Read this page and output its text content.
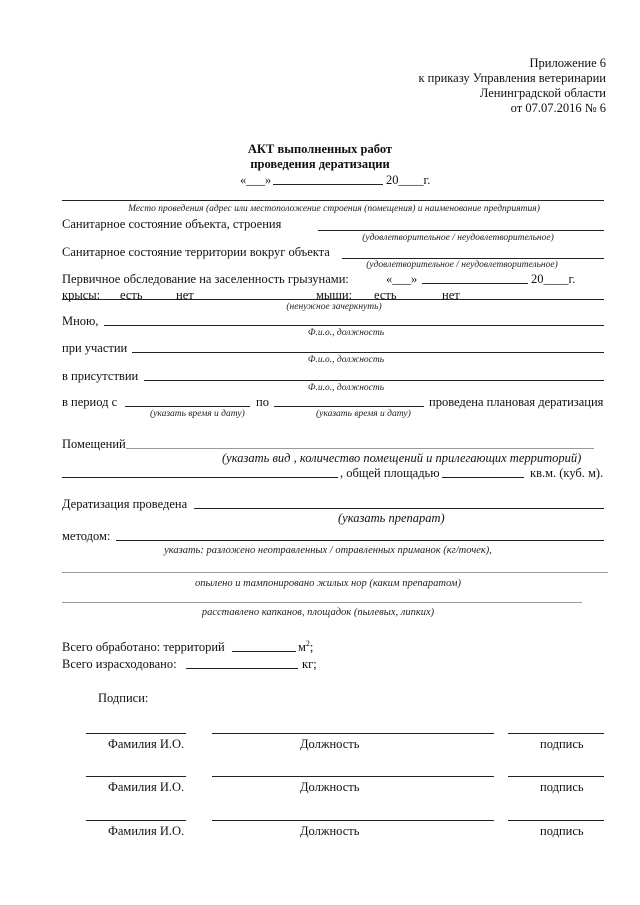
Приложение 6
к приказу Управления ветеринарии
Ленинградской области
от 07.07.2016 № 6
АКТ выполненных работ
проведения дератизации
«___»	20____г.
Место проведения (адрес или местоположение строения (помещения) и наименование предприятия)
Санитарное состояние объекта, строения
(удовлетворительное / неудовлетворительное)
Санитарное состояние территории вокруг объекта
(удовлетворительное / неудовлетворительное)
Первичное обследование на заселенность грызунами:	«___»	20____г.
крысы: есть	нет	мыши: есть	нет
(ненужное зачеркнуть)
Мною,
Ф.и.о., должность
при участии
Ф.и.о., должность
в присутствии
Ф.и.о., должность
в период с	по	проведена плановая дератизация
(указать время и дату)	(указать время и дату)
Помещений
(указать вид , количество помещений и прилегающих территорий)
, общей площадью	кв.м. (куб. м).
Дератизация проведена
(указать препарат)
методом:
указать: разложено неотравленных / отравленных приманок (кг/точек),
опылено и тампонировано жилых нор (каким препаратом)
расставлено капканов, площадок (пылевых, липких)
Всего обработано: территорий	$м^2$;
Всего израсходовано:	кг;
Подписи:
Фамилия И.О.	Должность	подпись
Фамилия И.О.	Должность	подпись
Фамилия И.О.	Должность	подпись
